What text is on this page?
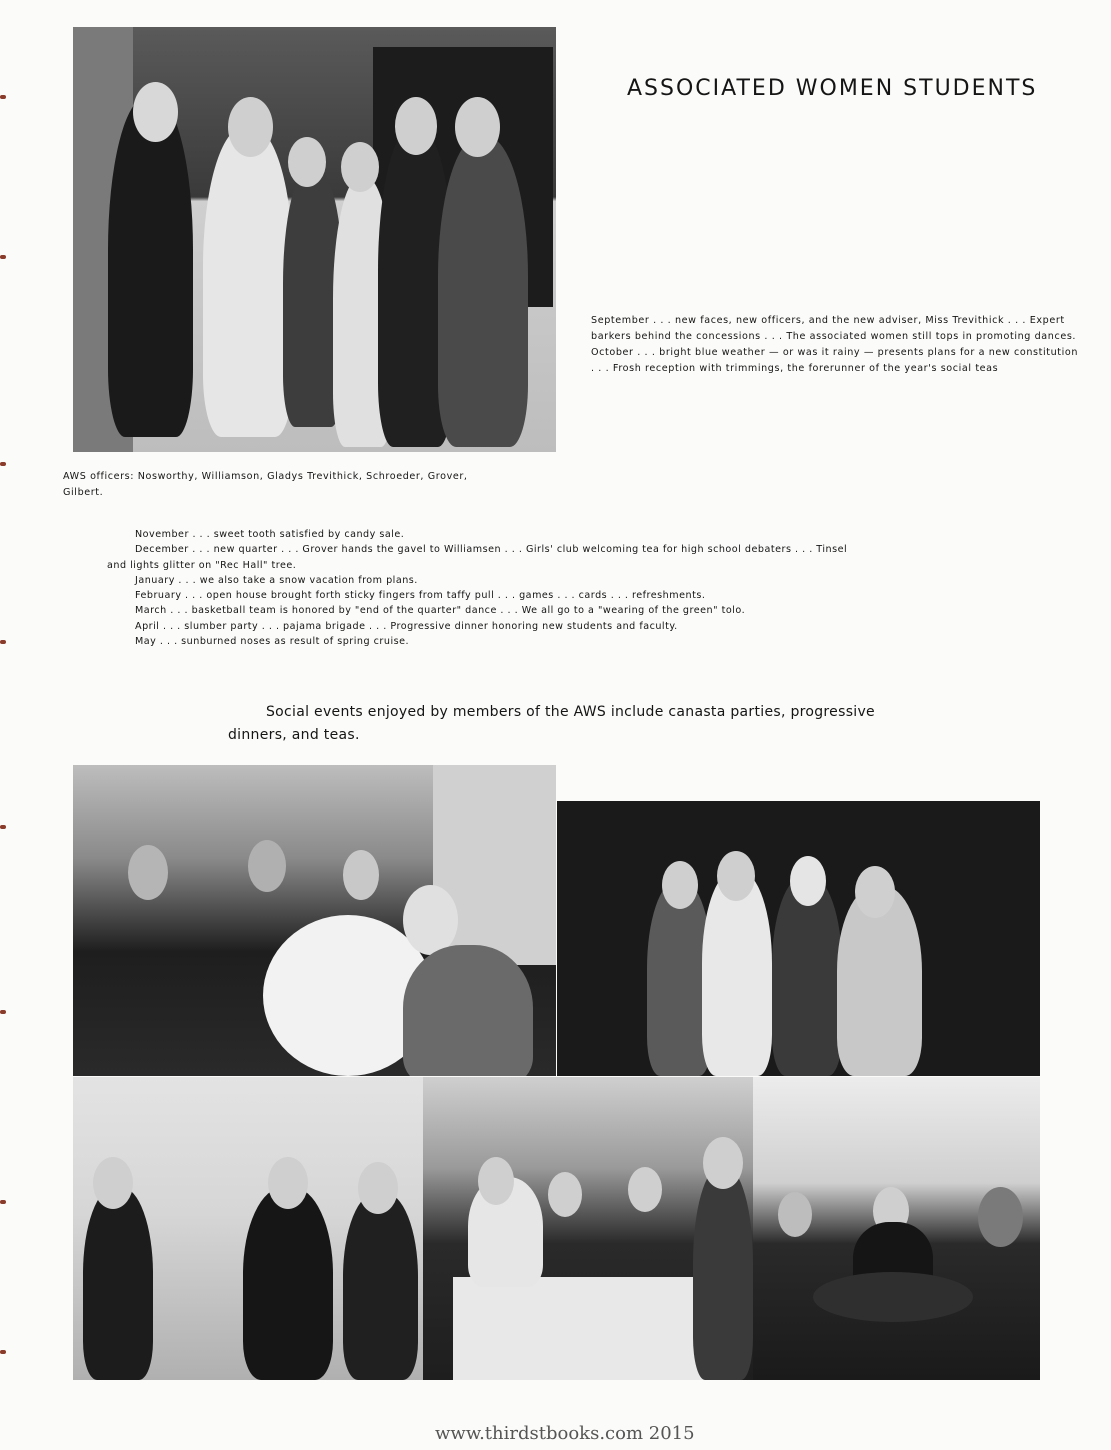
ASSOCIATED WOMEN STUDENTS

September . . . new faces, new officers, and the new adviser, Miss Trevithick . . . Expert barkers behind the concessions . . . The associated women still tops in promoting dances.

October . . . bright blue weather — or was it rainy — presents plans for a new constitution . . . Frosh reception with trimmings, the forerunner of the year's social teas

AWS officers: Nosworthy, Williamson, Gladys Trevithick, Schroeder, Grover, Gilbert.
November . . . sweet tooth satisfied by candy sale.
December . . . new quarter . . . Grover hands the gavel to Williamsen . . . Girls' club welcoming tea for high school debaters . . . Tinsel
and lights glitter on "Rec Hall" tree.
January . . . we also take a snow vacation from plans.
February . . . open house brought forth sticky fingers from taffy pull . . . games . . . cards . . . refreshments.
March . . . basketball team is honored by "end of the quarter" dance . . . We all go to a "wearing of the green" tolo.
April . . . slumber party . . . pajama brigade . . . Progressive dinner honoring new students and faculty.
May . . . sunburned noses as result of spring cruise.
Social events enjoyed by members of the AWS include canasta parties, progressive
dinners, and teas.
www.thirdstbooks.com 2015
